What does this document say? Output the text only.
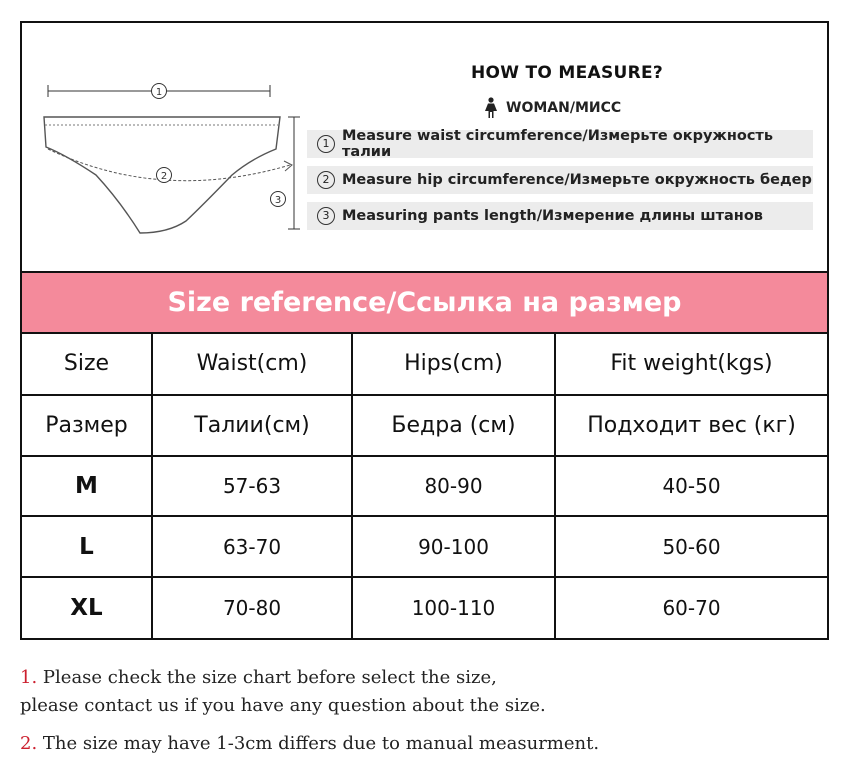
1
2
3
HOW TO MEASURE?
WOMAN/МИСС
1 Measure waist circumference/Измерьте окружность талии
2 Measure hip circumference/Измерьте окружность бедер
3 Measuring pants length/Измерение длины штанов
Size reference/Ссылка на размер
Size	Waist(cm)	Hips(cm)	Fit weight(kgs)
Размер	Талии(см)	Бедра (см)	Подходит вес (кг)
M	57-63	80-90	40-50
L	63-70	90-100	50-60
XL	70-80	100-110	60-70

1. Please check the size chart before select the size,
please contact us if you have any question about the size.

2. The size may have 1-3cm differs due to manual measurment.
